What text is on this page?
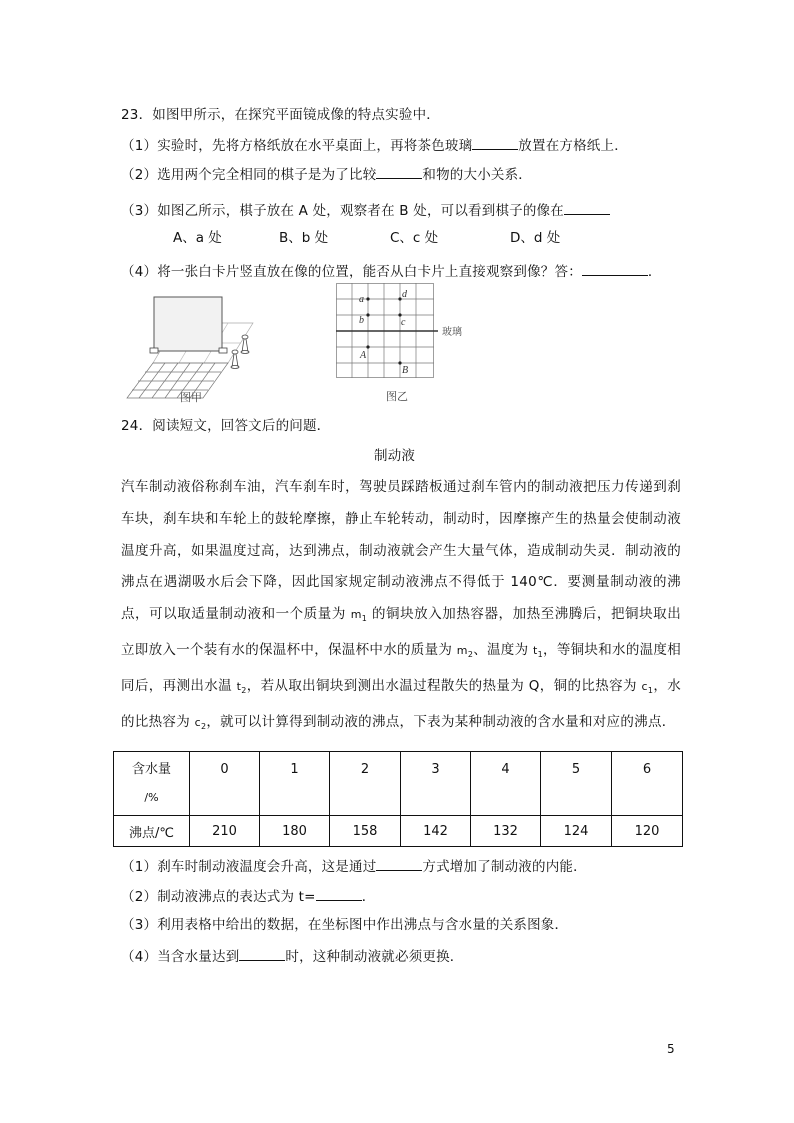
23．如图甲所示，在探究平面镜成像的特点实验中．
（1）实验时，先将方格纸放在水平桌面上，再将茶色玻璃	放置在方格纸上．
（2）选用两个完全相同的棋子是为了比较	和物的大小关系．
（3）如图乙所示，棋子放在 A 处，观察者在 B 处，可以看到棋子的像在
A、a 处	B、b 处	C、c 处	D、d 处
（4）将一张白卡片竖直放在像的位置，能否从白卡片上直接观察到像？答：	．
图甲
a	d
b	c
A
B
玻璃
图乙
24．阅读短文，回答文后的问题．
制动液
汽车制动液俗称刹车油，汽车刹车时，驾驶员踩踏板通过刹车管内的制动液把压力传递到刹车块，刹车块和车轮上的鼓轮摩擦，静止车轮转动，制动时，因摩擦产生的热量会使制动液温度升高，如果温度过高，达到沸点，制动液就会产生大量气体，造成制动失灵．制动液的沸点在遇湖吸水后会下降，因此国家规定制动液沸点不得低于 140℃．要测量制动液的沸点，可以取适量制动液和一个质量为 $m_1$ 的铜块放入加热容器，加热至沸腾后，把铜块取出立即放入一个装有水的保温杯中，保温杯中水的质量为 $m_2$、温度为 $t_1$，等铜块和水的温度相同后，再测出水温 $t_2$，若从取出铜块到测出水温过程散失的热量为 Q，铜的比热容为 $c_1$，水的比热容为 $c_2$，就可以计算得到制动液的沸点，下表为某种制动液的含水量和对应的沸点．
含水量
/%	0	1	2	3	4	5	6
沸点/℃	210	180	158	142	132	124	120
（1）刹车时制动液温度会升高，这是通过	方式增加了制动液的内能．
（2）制动液沸点的表达式为 t=	．
（3）利用表格中给出的数据，在坐标图中作出沸点与含水量的关系图象．
（4）当含水量达到	时，这种制动液就必须更换．
5
